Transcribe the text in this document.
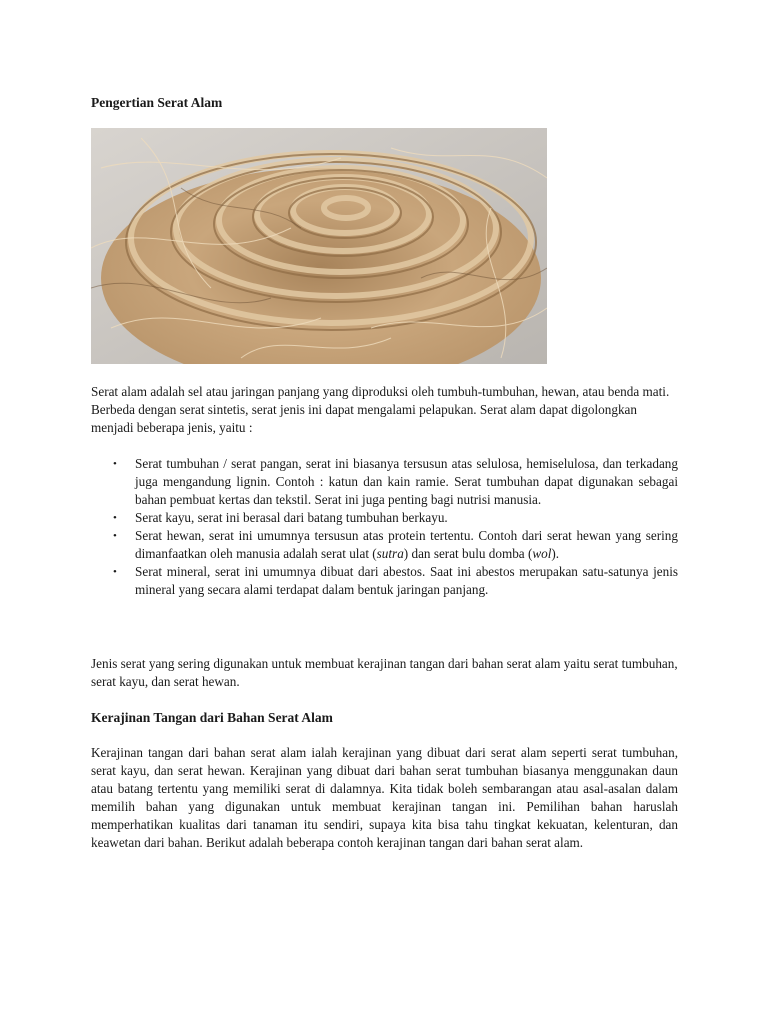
Pengertian Serat Alam

Serat alam adalah sel atau jaringan panjang yang diproduksi oleh tumbuh-tumbuhan, hewan, atau benda mati. Berbeda dengan serat sintetis, serat jenis ini dapat mengalami pelapukan. Serat alam dapat digolongkan menjadi beberapa jenis, yaitu :

• Serat tumbuhan / serat pangan, serat ini biasanya tersusun atas selulosa, hemiselulosa, dan terkadang juga mengandung lignin. Contoh : katun dan kain ramie. Serat tumbuhan dapat digunakan sebagai bahan pembuat kertas dan tekstil. Serat ini juga penting bagi nutrisi manusia.
• Serat kayu, serat ini berasal dari batang tumbuhan berkayu.
• Serat hewan, serat ini umumnya tersusun atas protein tertentu. Contoh dari serat hewan yang sering dimanfaatkan oleh manusia adalah serat ulat (sutra) dan serat bulu domba (wol).
• Serat mineral, serat ini umumnya dibuat dari abestos. Saat ini abestos merupakan satu-satunya jenis mineral yang secara alami terdapat dalam bentuk jaringan panjang.

Jenis serat yang sering digunakan untuk membuat kerajinan tangan dari bahan serat alam yaitu serat tumbuhan, serat kayu, dan serat hewan.

Kerajinan Tangan dari Bahan Serat Alam

Kerajinan tangan dari bahan serat alam ialah kerajinan yang dibuat dari serat alam seperti serat tumbuhan, serat kayu, dan serat hewan. Kerajinan yang dibuat dari bahan serat tumbuhan biasanya menggunakan daun atau batang tertentu yang memiliki serat di dalamnya. Kita tidak boleh sembarangan atau asal-asalan dalam memilih bahan yang digunakan untuk membuat kerajinan tangan ini. Pemilihan bahan haruslah memperhatikan kualitas dari tanaman itu sendiri, supaya kita bisa tahu tingkat kekuatan, kelenturan, dan keawetan dari bahan. Berikut adalah beberapa contoh kerajinan tangan dari bahan serat alam.
